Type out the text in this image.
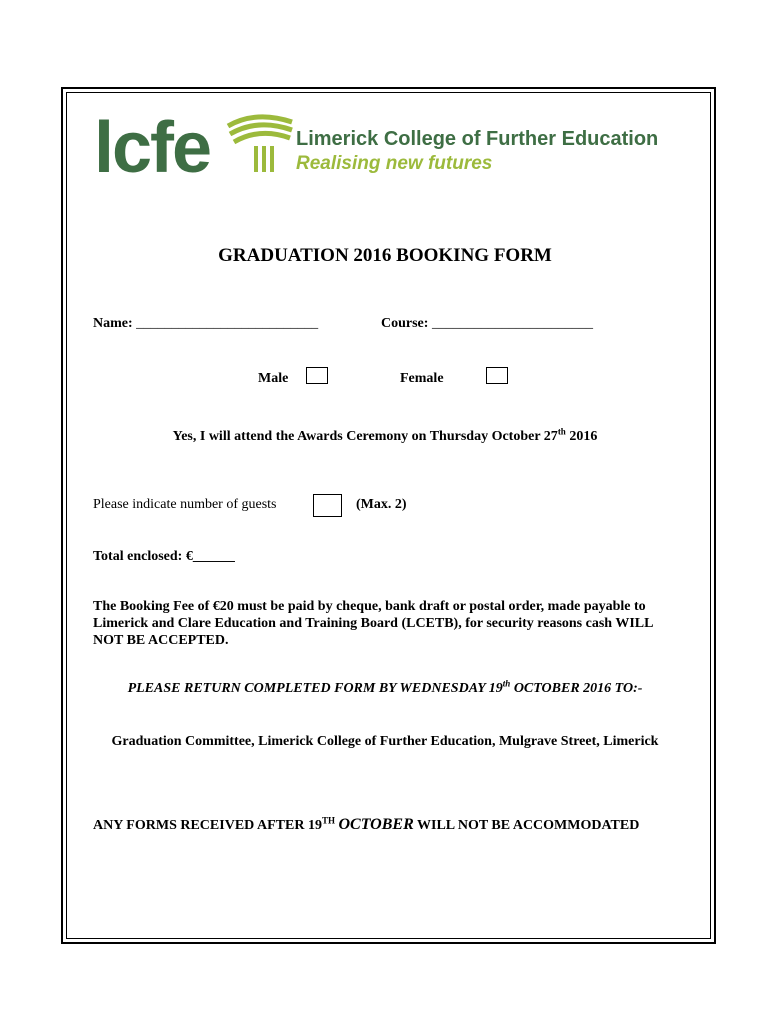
lcfe	Limerick College of Further Education
Realising new futures
GRADUATION 2016 BOOKING FORM
Name: __________________________	Course: _______________________
Male	Female
Yes, I will attend the Awards Ceremony on Thursday October 27th 2016
Please indicate number of guests	(Max. 2)
Total enclosed: €______
The Booking Fee of €20 must be paid by cheque, bank draft or postal order, made payable to Limerick and Clare Education and Training Board (LCETB), for security reasons cash WILL NOT BE ACCEPTED.
PLEASE RETURN COMPLETED FORM BY WEDNESDAY 19th OCTOBER 2016 TO:-
Graduation Committee, Limerick College of Further Education, Mulgrave Street, Limerick
ANY FORMS RECEIVED AFTER 19TH OCTOBER WILL NOT BE ACCOMMODATED
